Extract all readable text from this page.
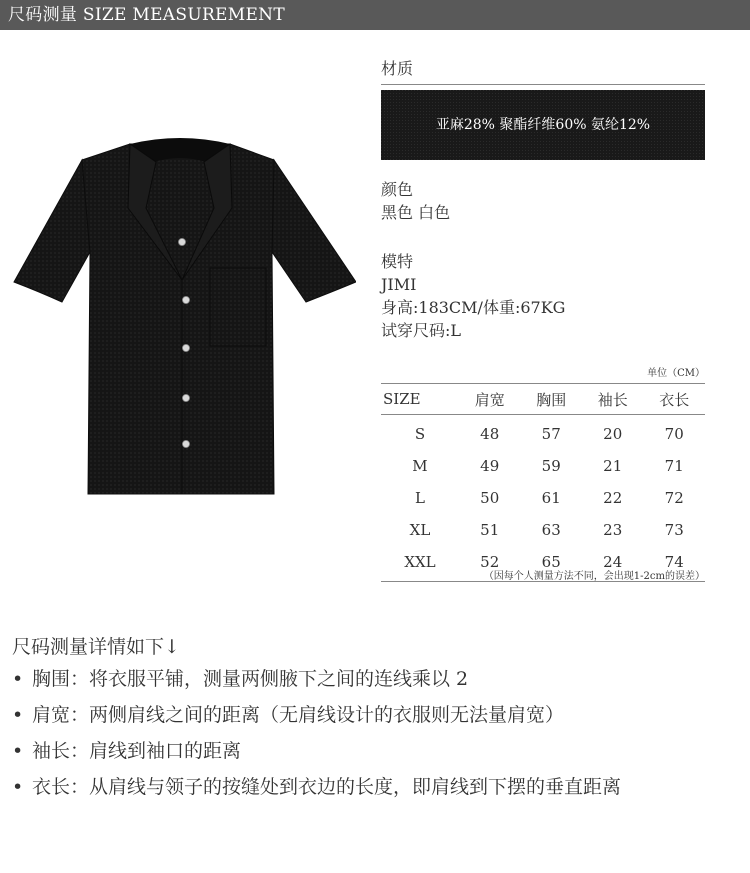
尺码测量 SIZE MEASUREMENT
材质
亚麻28% 聚酯纤维60% 氨纶12%
颜色
黑色 白色
模特
JIMI
身高:183CM/体重:67KG
试穿尺码:L
单位（CM）
SIZE	肩宽	胸围	袖长	衣长
S	48	57	20	70
M	49	59	21	71
L	50	61	22	72
XL	51	63	23	73
XXL	52	65	24	74
（因每个人测量方法不同，会出现1-2cm的误差）
尺码测量详情如下↓
• 胸围：将衣服平铺，测量两侧腋下之间的连线乘以 2
• 肩宽：两侧肩线之间的距离（无肩线设计的衣服则无法量肩宽）
• 袖长：肩线到袖口的距离
• 衣长：从肩线与领子的按缝处到衣边的长度，即肩线到下摆的垂直距离
